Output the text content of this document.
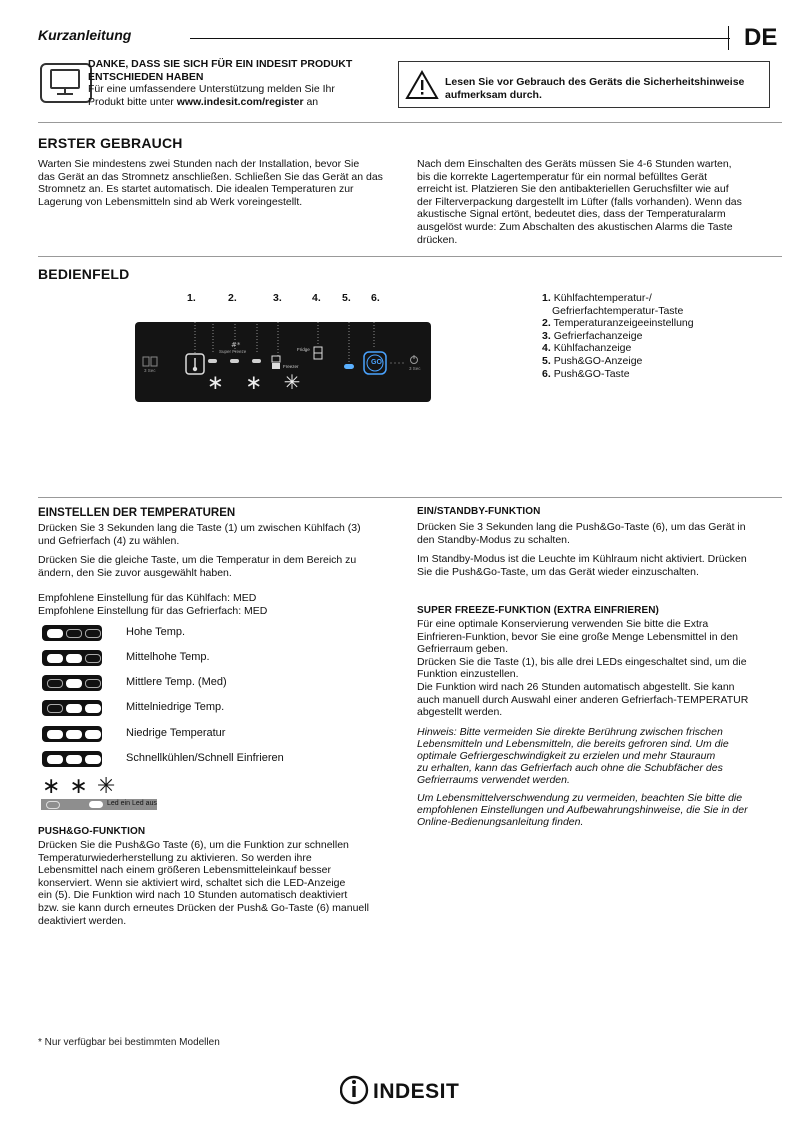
Kurzanleitung	DE
DANKE, DASS SIE SICH FÜR EIN INDESIT PRODUKT
ENTSCHIEDEN HABEN
Für eine umfassendere Unterstützung melden Sie Ihr
Produkt bitte unter www.indesit.com/register an
Lesen Sie vor Gebrauch des Geräts die Sicherheitshinweise
aufmerksam durch.
ERSTER GEBRAUCH
Warten Sie mindestens zwei Stunden nach der Installation, bevor Sie
das Gerät an das Stromnetz anschließen. Schließen Sie das Gerät an das
Stromnetz an. Es startet automatisch. Die idealen Temperaturen zur
Lagerung von Lebensmitteln sind ab Werk voreingestellt.
Nach dem Einschalten des Geräts müssen Sie 4-6 Stunden warten,
bis die korrekte Lagertemperatur für ein normal befülltes Gerät
erreicht ist. Platzieren Sie den antibakteriellen Geruchsfilter wie auf
der Filterverpackung dargestellt im Lüfter (falls vorhanden). Wenn das
akustische Signal ertönt, bedeutet dies, dass der Temperaturalarm
ausgelöst wurde: Zum Abschalten des akustischen Alarms die Taste
drücken.
BEDIENFELD
1.	2.	3.	4. 5. 6.
#*
3 Sec
Super Freeze
Freezer
Fridge
GO
3 Sec
∗ ∗ ✳
1. Kühlfachtemperatur-/
Gefrierfachtemperatur-Taste
2. Temperaturanzeigeeinstellung
3. Gefrierfachanzeige
4. Kühlfachanzeige
5. Push&GO-Anzeige
6. Push&GO-Taste
EINSTELLEN DER TEMPERATUREN

Drücken Sie 3 Sekunden lang die Taste (1) um zwischen Kühlfach (3)
und Gefrierfach (4) zu wählen.

Drücken Sie die gleiche Taste, um die Temperatur in dem Bereich zu
ändern, den Sie zuvor ausgewählt haben.

Empfohlene Einstellung für das Kühlfach: MED
Empfohlene Einstellung für das Gefrierfach: MED
Hohe Temp.
Mittelhohe Temp.
Mittlere Temp. (Med)
Mittelniedrige Temp.
Niedrige Temperatur
Schnellkühlen/Schnell Einfrieren
∗∗✳
Led ein Led aus
PUSH&GO-FUNKTION
Drücken Sie die Push&Go Taste (6), um die Funktion zur schnellen
Temperaturwiederherstellung zu aktivieren. So werden ihre
Lebensmittel nach einem größeren Lebensmitteleinkauf besser
konserviert. Wenn sie aktiviert wird, schaltet sich die LED-Anzeige
ein (5). Die Funktion wird nach 10 Stunden automatisch deaktiviert
bzw. sie kann durch erneutes Drücken der Push& Go-Taste (6) manuell
deaktiviert werden.
EIN/STANDBY-FUNKTION

Drücken Sie 3 Sekunden lang die Push&Go-Taste (6), um das Gerät in
den Standby-Modus zu schalten.

Im Standby-Modus ist die Leuchte im Kühlraum nicht aktiviert. Drücken
Sie die Push&Go-Taste, um das Gerät wieder einzuschalten.

SUPER FREEZE-FUNKTION (EXTRA EINFRIEREN)
Für eine optimale Konservierung verwenden Sie bitte die Extra
Einfrieren-Funktion, bevor Sie eine große Menge Lebensmittel in den
Gefrierraum geben.
Drücken Sie die Taste (1), bis alle drei LEDs eingeschaltet sind, um die
Funktion einzustellen.
Die Funktion wird nach 26 Stunden automatisch abgestellt. Sie kann
auch manuell durch Auswahl einer anderen Gefrierfach-TEMPERATUR
abgestellt werden.
Hinweis: Bitte vermeiden Sie direkte Berührung zwischen frischen
Lebensmitteln und Lebensmitteln, die bereits gefroren sind. Um die
optimale Gefriergeschwindigkeit zu erzielen und mehr Stauraum
zu erhalten, kann das Gefrierfach auch ohne die Schubfächer des
Gefrierraums verwendet werden.
Um Lebensmittelverschwendung zu vermeiden, beachten Sie bitte die
empfohlenen Einstellungen und Aufbewahrungshinweise, die Sie in der
Online-Bedienungsanleitung finden.
* Nur verfügbar bei bestimmten Modellen
INDESIT
